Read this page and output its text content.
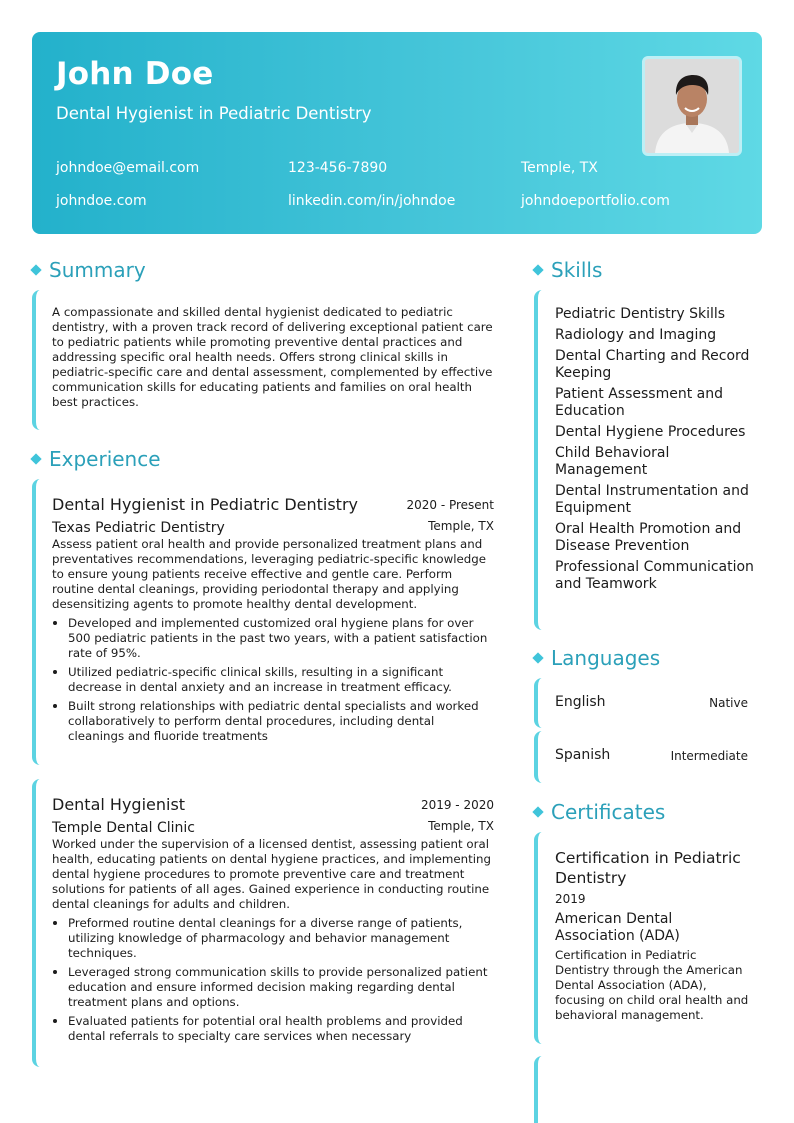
John Doe
Dental Hygienist in Pediatric Dentistry
johndoe@email.com	123-456-7890	Temple, TX
johndoe.com	linkedin.com/in/johndoe	johndoeportfolio.com
Summary
A compassionate and skilled dental hygienist dedicated to pediatric dentistry, with a proven track record of delivering exceptional patient care to pediatric patients while promoting preventive dental practices and addressing specific oral health needs. Offers strong clinical skills in pediatric-specific care and dental assessment, complemented by effective communication skills for educating patients and families on oral health best practices.
Experience
Dental Hygienist in Pediatric Dentistry	2020 - Present
Texas Pediatric Dentistry	Temple, TX
Assess patient oral health and provide personalized treatment plans and preventatives recommendations, leveraging pediatric-specific knowledge to ensure young patients receive effective and gentle care. Perform routine dental cleanings, providing periodontal therapy and applying desensitizing agents to promote healthy dental development.
• Developed and implemented customized oral hygiene plans for over 500 pediatric patients in the past two years, with a patient satisfaction rate of 95%.
• Utilized pediatric-specific clinical skills, resulting in a significant decrease in dental anxiety and an increase in treatment efficacy.
• Built strong relationships with pediatric dental specialists and worked collaboratively to perform dental procedures, including dental cleanings and fluoride treatments
Dental Hygienist	2019 - 2020
Temple Dental Clinic	Temple, TX
Worked under the supervision of a licensed dentist, assessing patient oral health, educating patients on dental hygiene practices, and implementing dental hygiene procedures to promote preventive care and treatment solutions for patients of all ages. Gained experience in conducting routine dental cleanings for adults and children.
• Preformed routine dental cleanings for a diverse range of patients, utilizing knowledge of pharmacology and behavior management techniques.
• Leveraged strong communication skills to provide personalized patient education and ensure informed decision making regarding dental treatment plans and options.
• Evaluated patients for potential oral health problems and provided dental referrals to specialty care services when necessary
Skills
Pediatric Dentistry Skills
Radiology and Imaging
Dental Charting and Record Keeping
Patient Assessment and Education
Dental Hygiene Procedures
Child Behavioral Management
Dental Instrumentation and Equipment
Oral Health Promotion and Disease Prevention
Professional Communication and Teamwork
Languages
English	Native
Spanish	Intermediate
Certificates
Certification in Pediatric Dentistry
2019
American Dental Association (ADA)
Certification in Pediatric Dentistry through the American Dental Association (ADA), focusing on child oral health and behavioral management.
